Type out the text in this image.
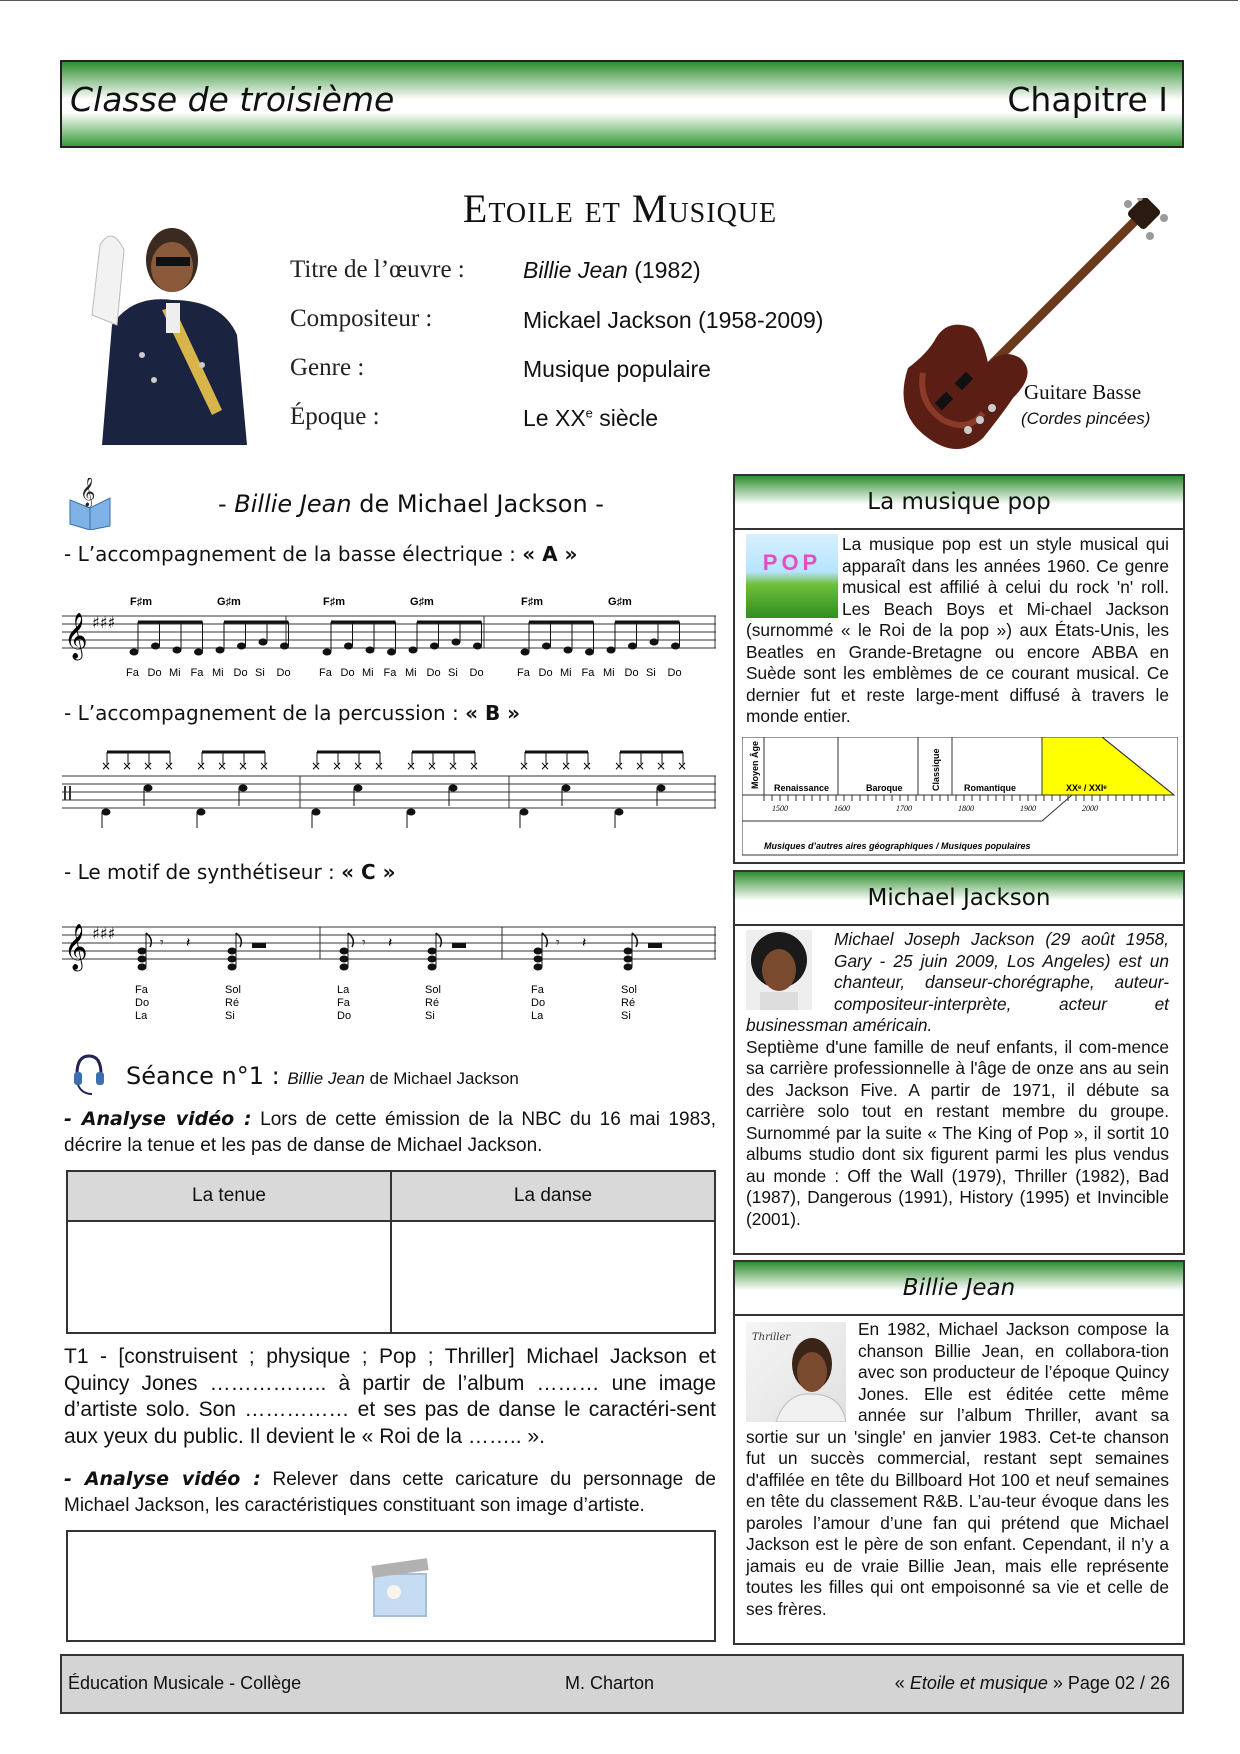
Classe de troisième	Chapitre I
Etoile et Musique
Titre de l’œuvre :	Billie Jean (1982)
Compositeur :	Mickael Jackson (1958-2009)
Genre :	Musique populaire
Époque :	Le XXe siècle
Guitare Basse
(Cordes pincées)
𝄞	- Billie Jean de Michael Jackson -
- L’accompagnement de la basse électrique : « A »
𝄞 ♯♯♯
Fa Do Mi Fa Mi Do Si Do	Fa Do Mi Fa Mi Do Si Do	Fa Do Mi Fa Mi Do Si Do
F♯m	G♯m	F♯m	G♯m	F♯m	G♯m
- L’accompagnement de la percussion : « B »
× × × × × × × ×	× × × × × × × ×	× × × × × × × ×
- Le motif de synthétiseur : « C »
𝄞 ♯♯♯
Fa
Do
La
𝄾 𝄽
Sol
Ré
Si
La
Fa
Do
𝄾 𝄽
Sol
Ré
Si
Fa
Do
La
𝄾 𝄽
Sol
Ré
Si
Séance n°1 : Billie Jean de Michael Jackson
- Analyse vidéo : Lors de cette émission de la NBC du 16 mai 1983, décrire la tenue et les pas de danse de Michael Jackson.
La tenue	La danse

T1 - [construisent ; physique ; Pop ; Thriller] Michael Jackson et Quincy Jones …………….. à partir de l’album ……… une image d’artiste solo. Son …………… et ses pas de danse le caractéri-sent aux yeux du public. Il devient le « Roi de la …….. ».
- Analyse vidéo : Relever dans cette caricature du personnage de Michael Jackson, les caractéristiques constituant son image d’artiste.
La musique pop
POP
La musique pop est un style musical qui apparaît dans les années 1960. Ce genre musical est affilié à celui du rock 'n' roll. Les Beach Boys et Mi-chael Jackson (surnommé « le Roi de la pop ») aux États-Unis, les Beatles en Grande-Bretagne ou encore ABBA en Suède sont les emblèmes de ce courant musical. Ce dernier fut et reste large-ment diffusé à travers le monde entier.
Moyen Âge Renaissance	Baroque	Classique	Romantique	XXᵉ / XXIᵉ
1500	1600	1700	1800	1900	2000
Musiques d’autres aires géographiques / Musiques populaires
Michael Jackson
Michael Joseph Jackson (29 août 1958, Gary - 25 juin 2009, Los Angeles) est un chanteur, danseur-chorégraphe, auteur-compositeur-interprète, acteur et businessman américain.
Septième d'une famille de neuf enfants, il com-mence sa carrière professionnelle à l'âge de onze ans au sein des Jackson Five. A partir de 1971, il débute sa carrière solo tout en restant membre du groupe. Surnommé par la suite « The King of Pop », il sortit 10 albums studio dont six figurent parmi les plus vendus au monde : Off the Wall (1979), Thriller (1982), Bad (1987), Dangerous (1991), History (1995) et Invincible (2001).
Billie Jean
Thriller	En 1982, Michael Jackson compose la chanson Billie Jean, en collabora-tion avec son producteur de l’époque Quincy Jones. Elle est éditée cette même année sur l’album Thriller, avant sa sortie sur un 'single' en janvier 1983. Cet-te chanson fut un succès commercial, restant sept semaines d'affilée en tête du Billboard Hot 100 et neuf semaines en tête du classement R&B. L’au-teur évoque dans les paroles l’amour d’une fan qui prétend que Michael Jackson est le père de son enfant. Cependant, il n’y a jamais eu de vraie Billie Jean, mais elle représente toutes les filles qui ont empoisonné sa vie et celle de ses frères.
Éducation Musicale - Collège	M. Charton	« Etoile et musique » Page 02 / 26
